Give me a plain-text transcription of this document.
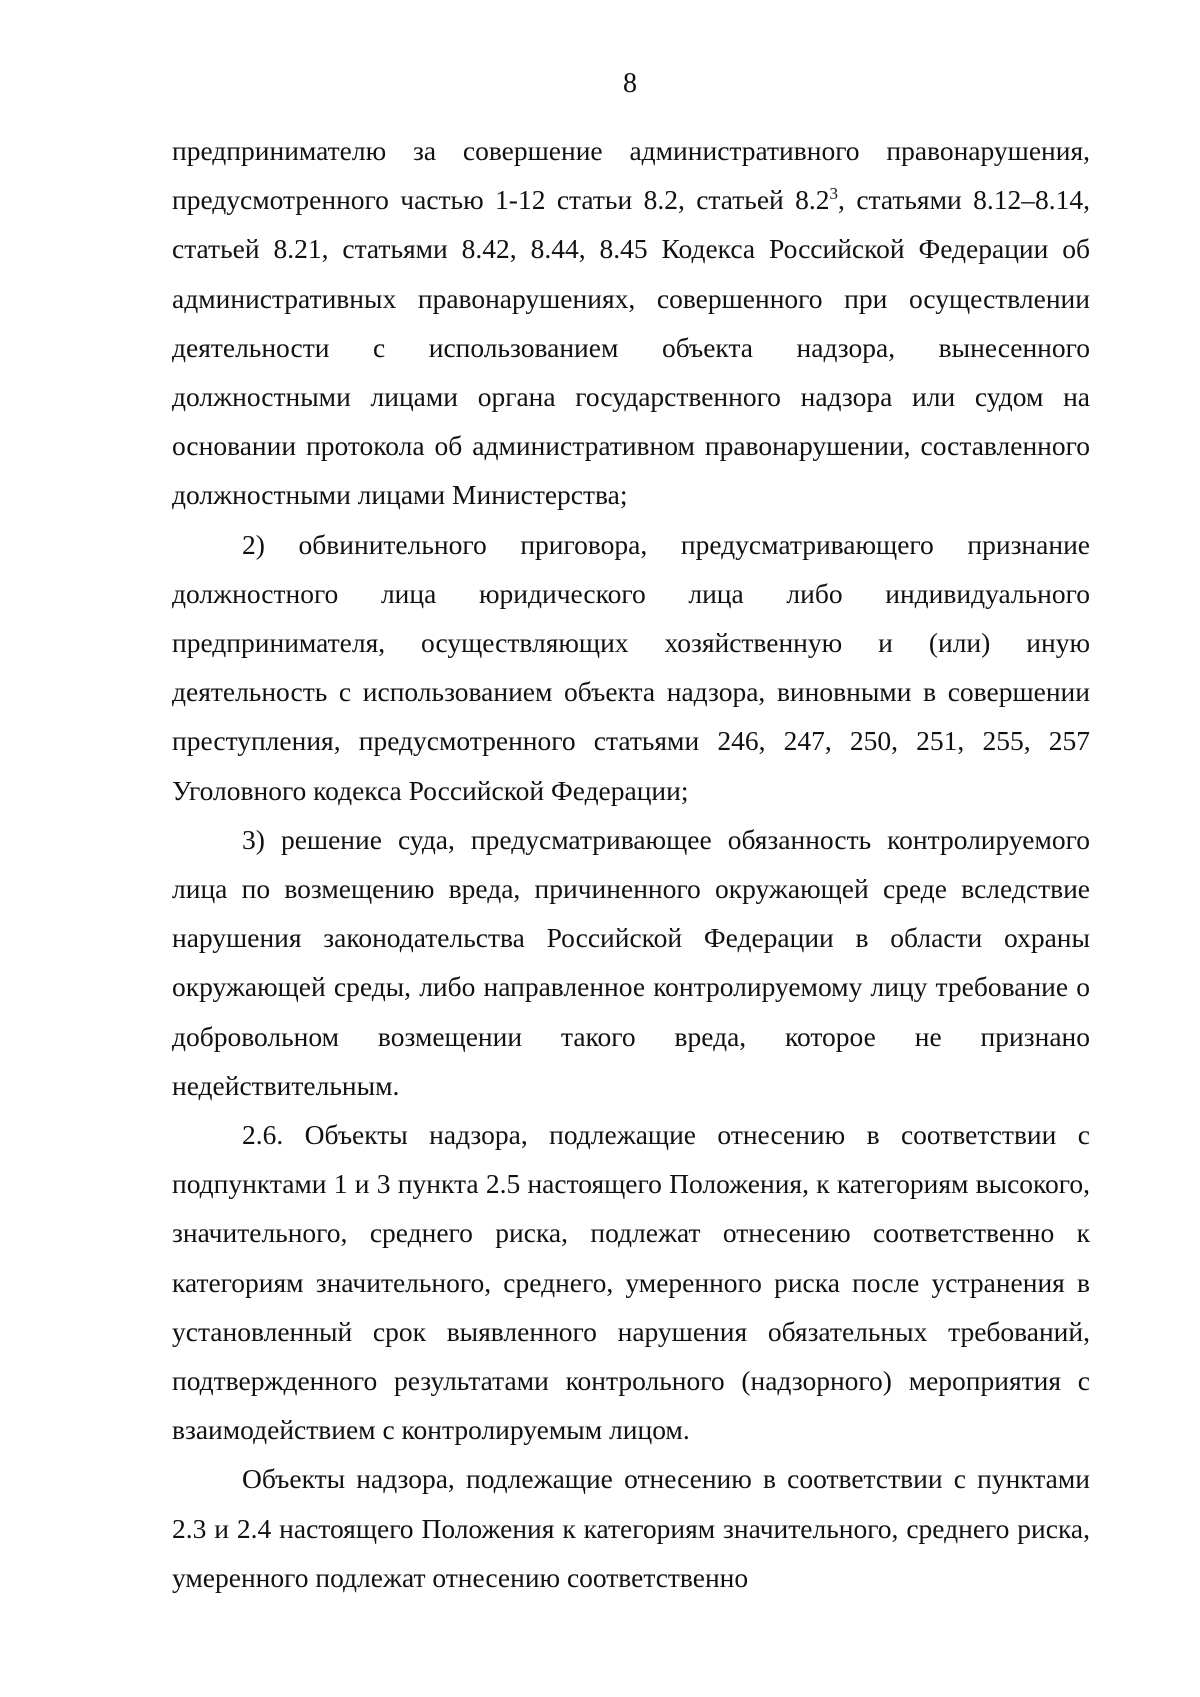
8

предпринимателю за совершение административного правонарушения, предусмотренного частью 1-12 статьи 8.2, статьей $8.2^3$, статьями 8.12–8.14, статьей 8.21, статьями 8.42, 8.44, 8.45 Кодекса Российской Федерации об административных правонарушениях, совершенного при осуществлении деятельности с использованием объекта надзора, вынесенного должностными лицами органа государственного надзора или судом на основании протокола об административном правонарушении, составленного должностными лицами Министерства;

2) обвинительного приговора, предусматривающего признание должностного лица юридического лица либо индивидуального предпринимателя, осуществляющих хозяйственную и (или) иную деятельность с использованием объекта надзора, виновными в совершении преступления, предусмотренного статьями 246, 247, 250, 251, 255, 257 Уголовного кодекса Российской Федерации;

3) решение суда, предусматривающее обязанность контролируемого лица по возмещению вреда, причиненного окружающей среде вследствие нарушения законодательства Российской Федерации в области охраны окружающей среды, либо направленное контролируемому лицу требование о добровольном возмещении такого вреда, которое не признано недействительным.

2.6. Объекты надзора, подлежащие отнесению в соответствии с подпунктами 1 и 3 пункта 2.5 настоящего Положения, к категориям высокого, значительного, среднего риска, подлежат отнесению соответственно к категориям значительного, среднего, умеренного риска после устранения в установленный срок выявленного нарушения обязательных требований, подтвержденного результатами контрольного (надзорного) мероприятия с взаимодействием с контролируемым лицом.

Объекты надзора, подлежащие отнесению в соответствии с пунктами 2.3 и 2.4 настоящего Положения к категориям значительного, среднего риска, умеренного подлежат отнесению соответственно
